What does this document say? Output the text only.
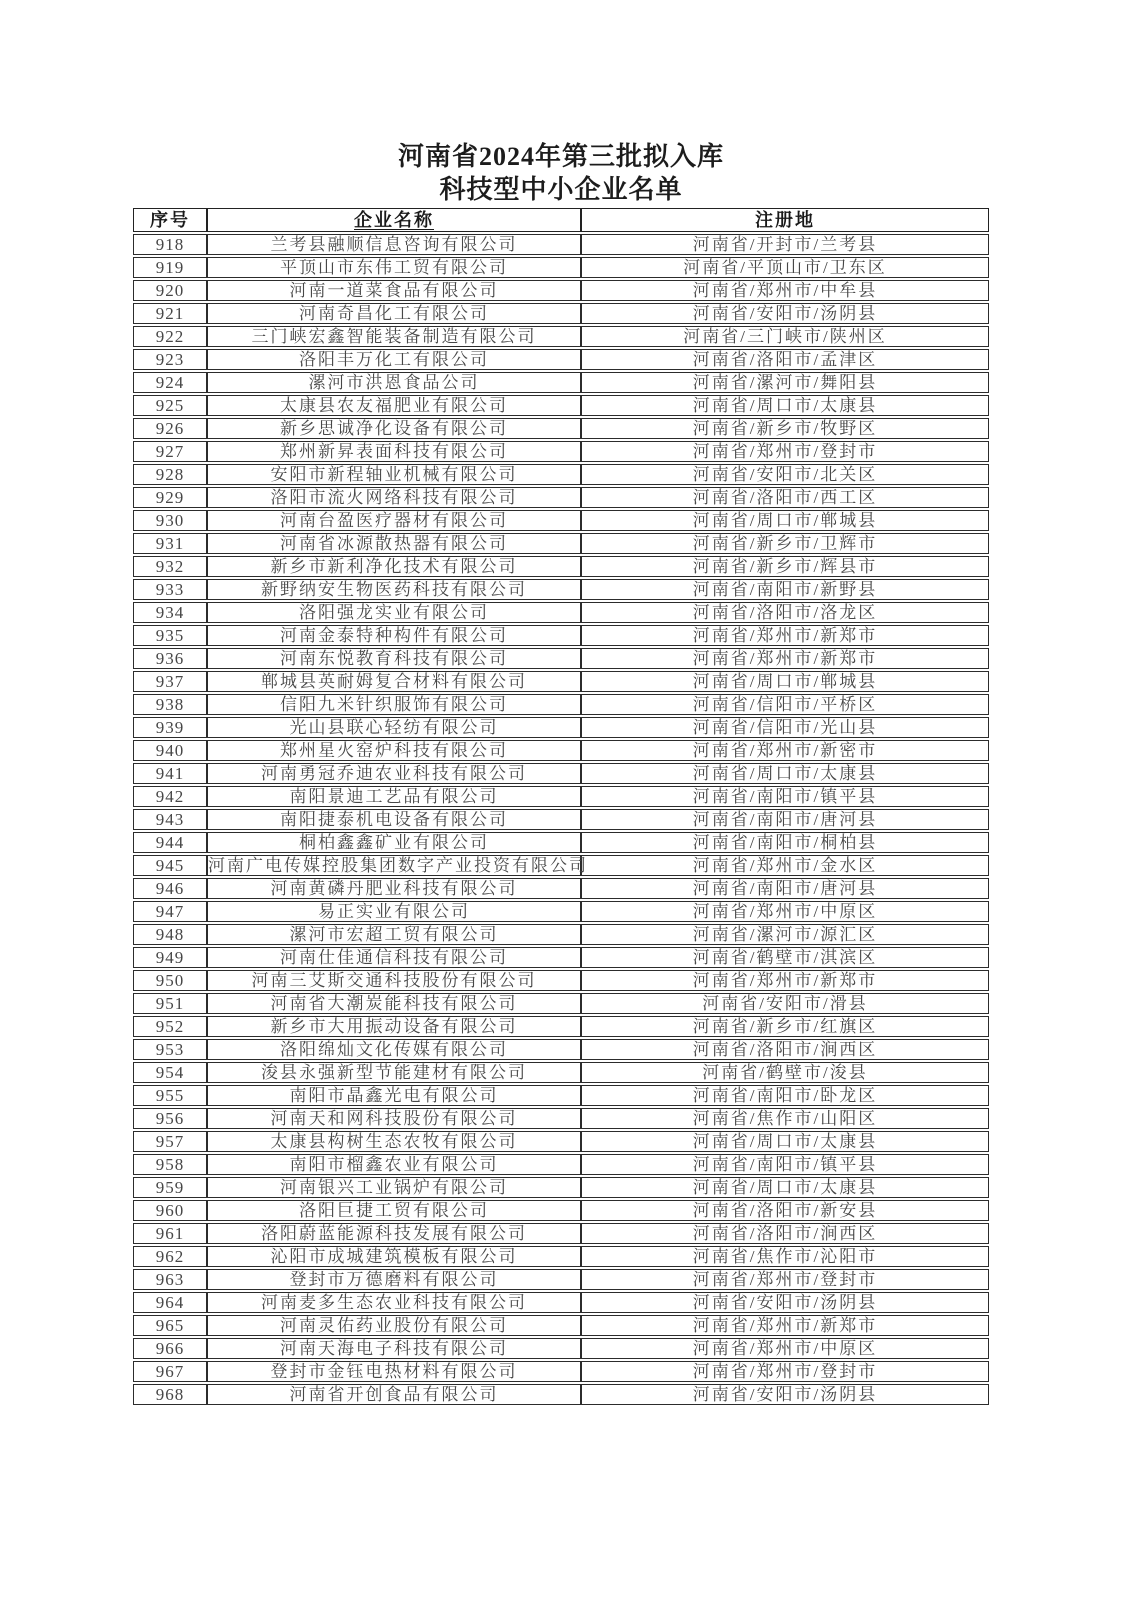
河南省2024年第三批拟入库
科技型中小企业名单
序号	企业名称	注册地
918	兰考县融顺信息咨询有限公司	河南省/开封市/兰考县
919	平顶山市东伟工贸有限公司	河南省/平顶山市/卫东区
920	河南一道菜食品有限公司	河南省/郑州市/中牟县
921	河南奇昌化工有限公司	河南省/安阳市/汤阴县
922	三门峡宏鑫智能装备制造有限公司	河南省/三门峡市/陕州区
923	洛阳丰万化工有限公司	河南省/洛阳市/孟津区
924	漯河市洪恩食品公司	河南省/漯河市/舞阳县
925	太康县农友福肥业有限公司	河南省/周口市/太康县
926	新乡思诚净化设备有限公司	河南省/新乡市/牧野区
927	郑州新昇表面科技有限公司	河南省/郑州市/登封市
928	安阳市新程轴业机械有限公司	河南省/安阳市/北关区
929	洛阳市流火网络科技有限公司	河南省/洛阳市/西工区
930	河南台盈医疗器材有限公司	河南省/周口市/郸城县
931	河南省冰源散热器有限公司	河南省/新乡市/卫辉市
932	新乡市新利净化技术有限公司	河南省/新乡市/辉县市
933	新野纳安生物医药科技有限公司	河南省/南阳市/新野县
934	洛阳强龙实业有限公司	河南省/洛阳市/洛龙区
935	河南金泰特种构件有限公司	河南省/郑州市/新郑市
936	河南东悦教育科技有限公司	河南省/郑州市/新郑市
937	郸城县英耐姆复合材料有限公司	河南省/周口市/郸城县
938	信阳九米针织服饰有限公司	河南省/信阳市/平桥区
939	光山县联心轻纺有限公司	河南省/信阳市/光山县
940	郑州星火窑炉科技有限公司	河南省/郑州市/新密市
941	河南勇冠乔迪农业科技有限公司	河南省/周口市/太康县
942	南阳景迪工艺品有限公司	河南省/南阳市/镇平县
943	南阳捷泰机电设备有限公司	河南省/南阳市/唐河县
944	桐柏鑫鑫矿业有限公司	河南省/南阳市/桐柏县
945	河南广电传媒控股集团数字产业投资有限公司	河南省/郑州市/金水区
946	河南黄磷丹肥业科技有限公司	河南省/南阳市/唐河县
947	易正实业有限公司	河南省/郑州市/中原区
948	漯河市宏超工贸有限公司	河南省/漯河市/源汇区
949	河南仕佳通信科技有限公司	河南省/鹤壁市/淇滨区
950	河南三艾斯交通科技股份有限公司	河南省/郑州市/新郑市
951	河南省大潮炭能科技有限公司	河南省/安阳市/滑县
952	新乡市大用振动设备有限公司	河南省/新乡市/红旗区
953	洛阳绵灿文化传媒有限公司	河南省/洛阳市/涧西区
954	浚县永强新型节能建材有限公司	河南省/鹤壁市/浚县
955	南阳市晶鑫光电有限公司	河南省/南阳市/卧龙区
956	河南天和网科技股份有限公司	河南省/焦作市/山阳区
957	太康县构树生态农牧有限公司	河南省/周口市/太康县
958	南阳市榴鑫农业有限公司	河南省/南阳市/镇平县
959	河南银兴工业锅炉有限公司	河南省/周口市/太康县
960	洛阳巨捷工贸有限公司	河南省/洛阳市/新安县
961	洛阳蔚蓝能源科技发展有限公司	河南省/洛阳市/涧西区
962	沁阳市成城建筑模板有限公司	河南省/焦作市/沁阳市
963	登封市万德磨料有限公司	河南省/郑州市/登封市
964	河南麦多生态农业科技有限公司	河南省/安阳市/汤阴县
965	河南灵佑药业股份有限公司	河南省/郑州市/新郑市
966	河南天海电子科技有限公司	河南省/郑州市/中原区
967	登封市金钰电热材料有限公司	河南省/郑州市/登封市
968	河南省开创食品有限公司	河南省/安阳市/汤阴县
